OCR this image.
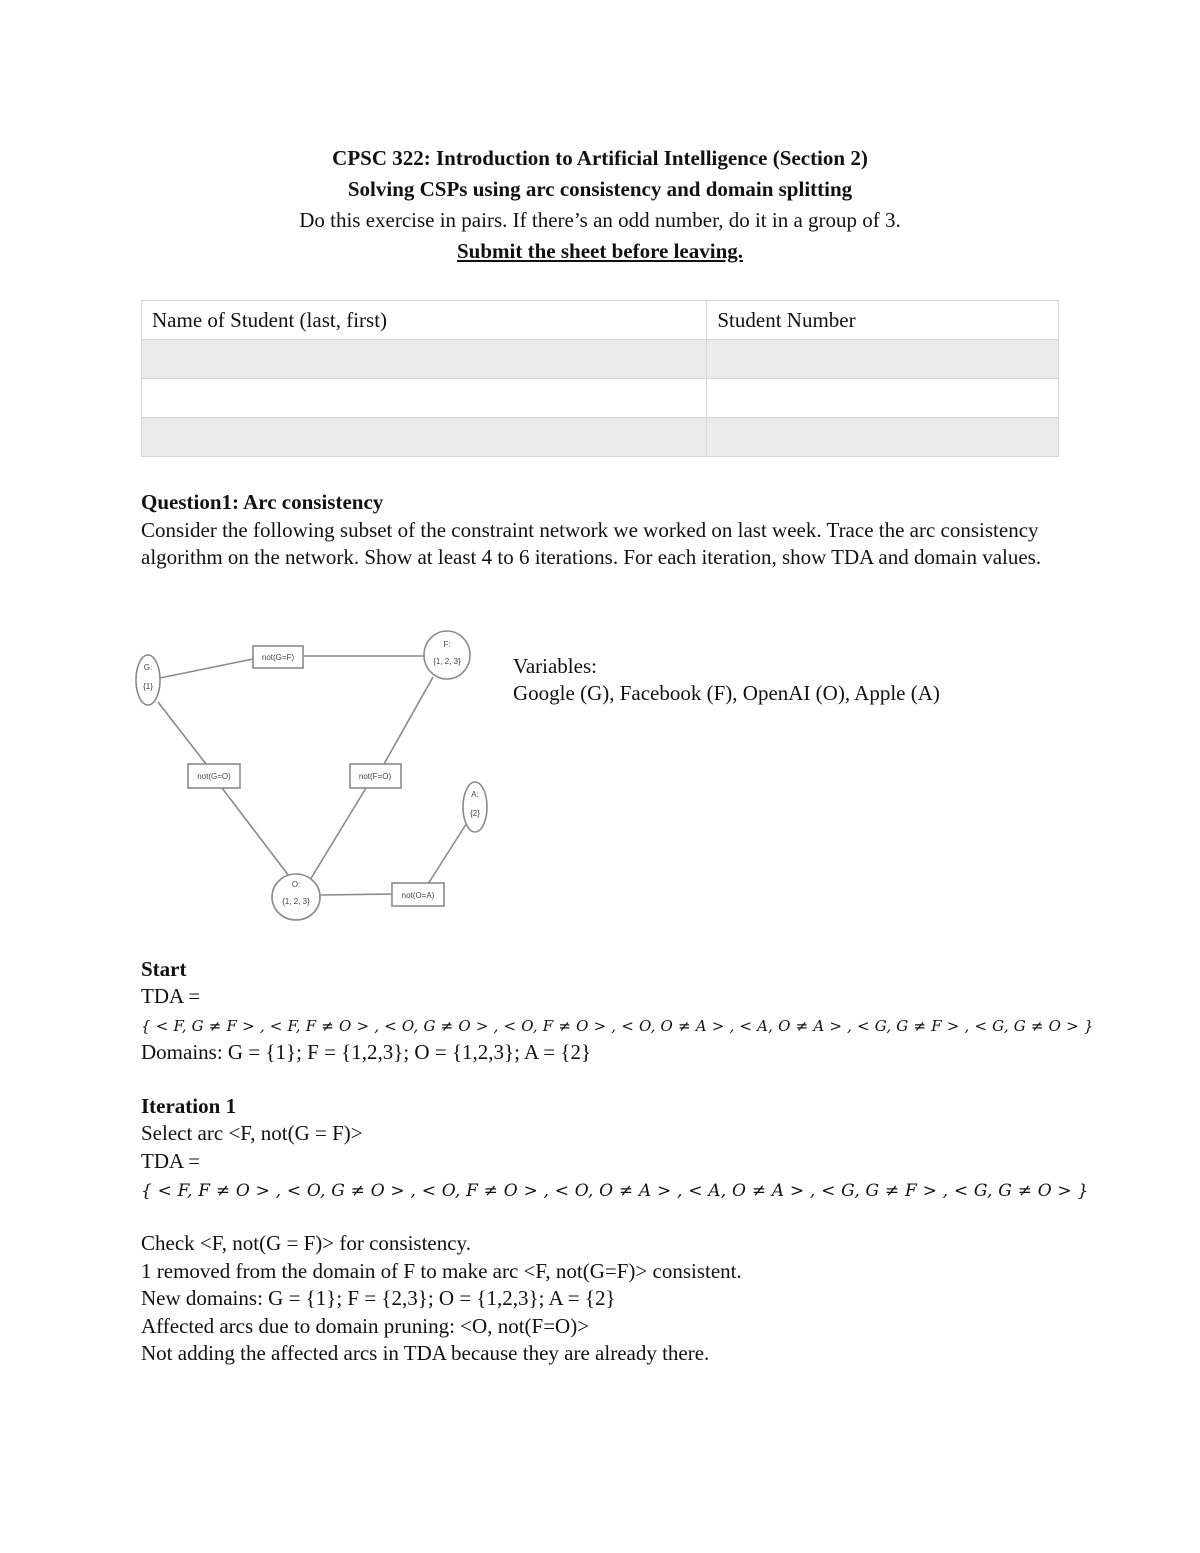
CPSC 322: Introduction to Artificial Intelligence (Section 2)
Solving CSPs using arc consistency and domain splitting
Do this exercise in pairs. If there’s an odd number, do it in a group of 3.
Submit the sheet before leaving.
Name of Student (last, first)	Student Number

Question1: Arc consistency
Consider the following subset of the constraint network we worked on last week. Trace the arc consistency algorithm on the network. Show at least 4 to 6 iterations. For each iteration, show TDA and domain values.
G:
{1}
F:
{1, 2, 3}
O:
{1, 2, 3}
A:
{2}
not(G=F)
not(G=O)	not(F=O)
not(O=A)
Variables:
Google (G), Facebook (F), OpenAI (O), Apple (A)
Start
TDA =
{ < F, G ≠ F > , < F, F ≠ O > , < O, G ≠ O > , < O, F ≠ O > , < O, O ≠ A > , < A, O ≠ A > , < G, G ≠ F > , < G, G ≠ O > }
Domains: G = {1}; F = {1,2,3}; O = {1,2,3}; A = {2}
Iteration 1
Select arc <F, not(G = F)>
TDA =
{ < F, F ≠ O > , < O, G ≠ O > , < O, F ≠ O > , < O, O ≠ A > , < A, O ≠ A > , < G, G ≠ F > , < G, G ≠ O > }
Check <F, not(G = F)> for consistency.
1 removed from the domain of F to make arc <F, not(G=F)> consistent.
New domains: G = {1}; F = {2,3}; O = {1,2,3}; A = {2}
Affected arcs due to domain pruning: <O, not(F=O)>
Not adding the affected arcs in TDA because they are already there.
